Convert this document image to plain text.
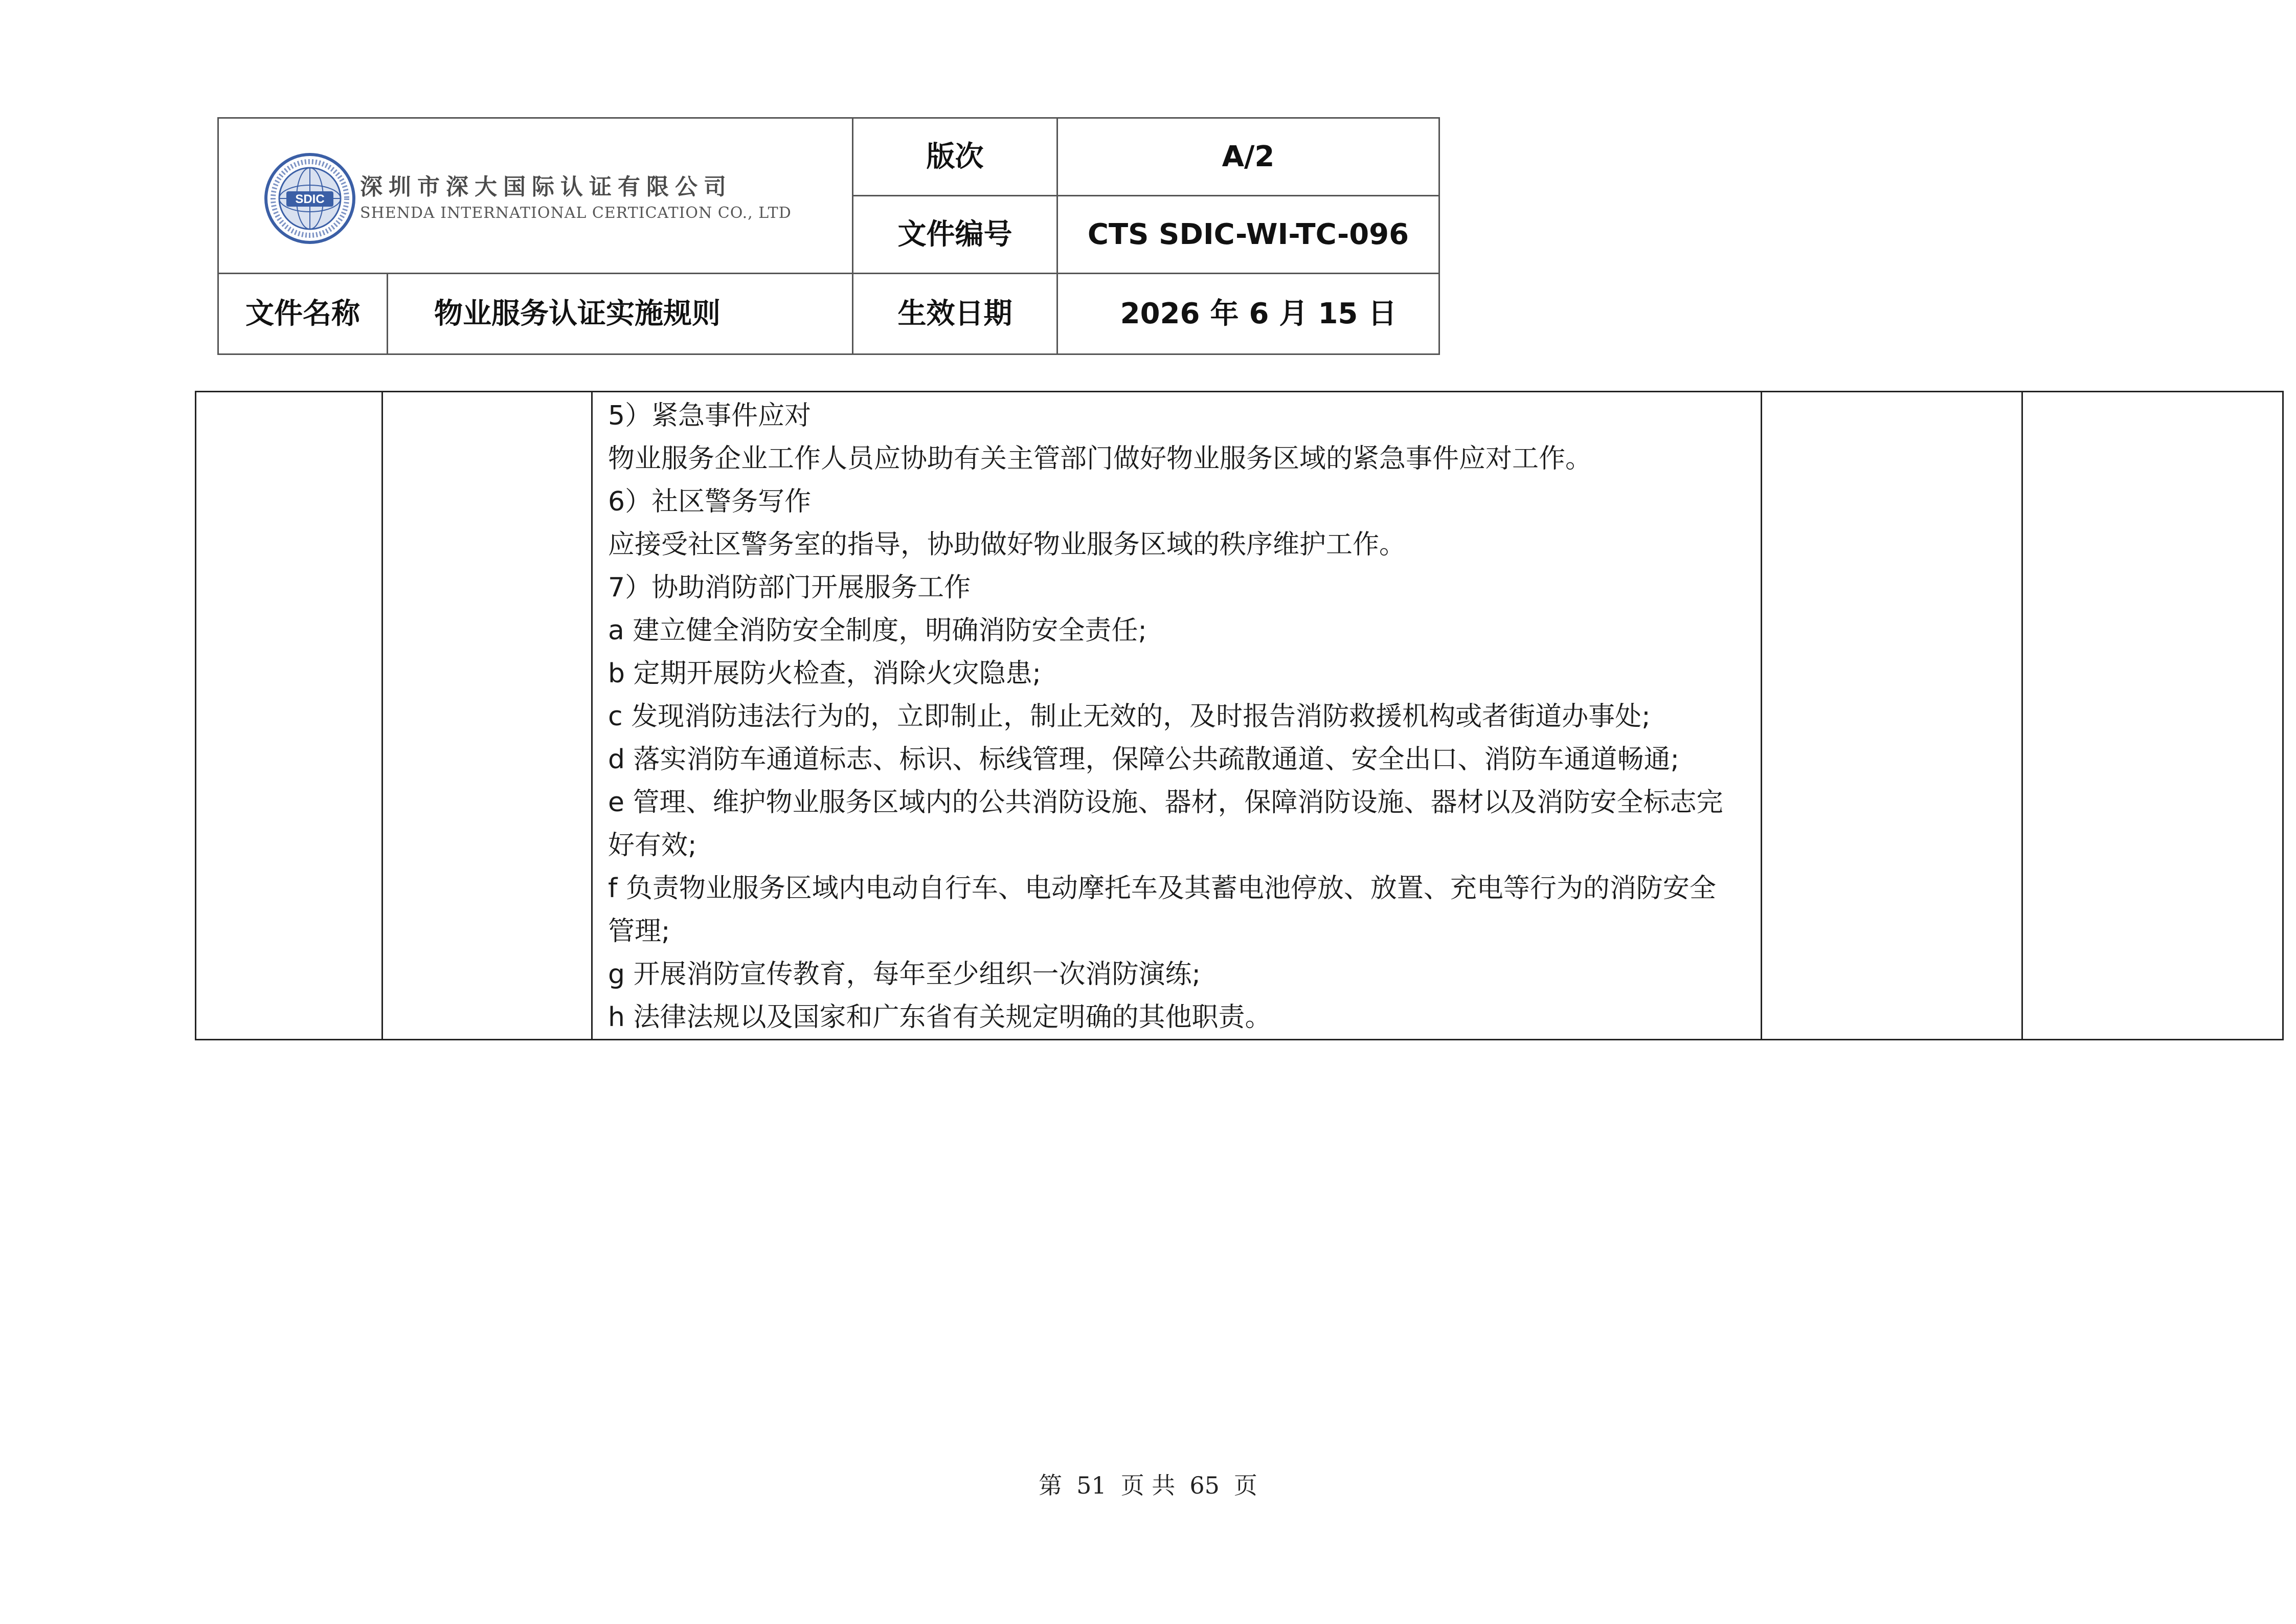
SDIC 深圳市深大国际认证有限公司
SHENDA INTERNATIONAL CERTICATION CO., LTD		版次	A/2
		文件编号	CTS SDIC-WI-TC-096
文件名称	物业服务认证实施规则	生效日期	2026 年 6 月 15 日

5）紧急事件应对

物业服务企业工作人员应协助有关主管部门做好物业服务区域的紧急事件应对工作。

6）社区警务写作

应接受社区警务室的指导，协助做好物业服务区域的秩序维护工作。

7）协助消防部门开展服务工作

a 建立健全消防安全制度，明确消防安全责任;

b 定期开展防火检查，消除火灾隐患;

c 发现消防违法行为的，立即制止，制止无效的，及时报告消防救援机构或者街道办事处;

d 落实消防车通道标志、标识、标线管理，保障公共疏散通道、安全出口、消防车通道畅通;

e 管理、维护物业服务区域内的公共消防设施、器材，保障消防设施、器材以及消防安全标志完

好有效;

f 负责物业服务区域内电动自行车、电动摩托车及其蓄电池停放、放置、充电等行为的消防安全

管理;

g 开展消防宣传教育，每年至少组织一次消防演练;

h 法律法规以及国家和广东省有关规定明确的其他职责。

第 51 页 共 65 页
